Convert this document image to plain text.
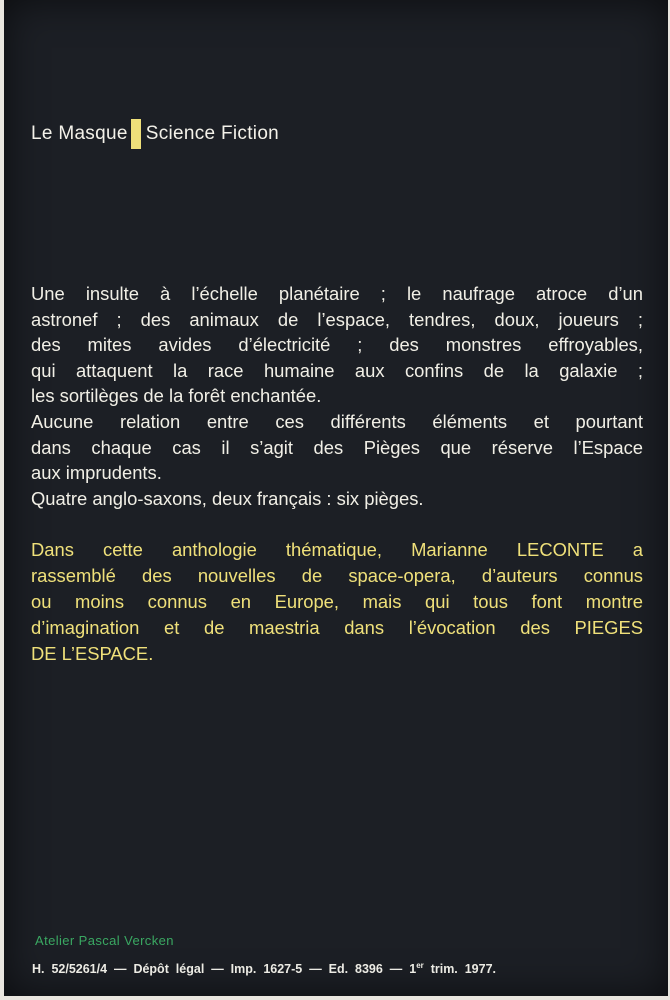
Le Masque Science Fiction
Une insulte à l’échelle planétaire ; le naufrage atroce d’un
astronef ; des animaux de l’espace, tendres, doux, joueurs ;
des mites avides d’électricité ; des monstres effroyables,
qui attaquent la race humaine aux confins de la galaxie ;
les sortilèges de la forêt enchantée.
Aucune relation entre ces différents éléments et pourtant
dans chaque cas il s’agit des Pièges que réserve l’Espace
aux imprudents.
Quatre anglo-saxons, deux français : six pièges.
Dans cette anthologie thématique, Marianne LECONTE a
rassemblé des nouvelles de space-opera, d’auteurs connus
ou moins connus en Europe, mais qui tous font montre
d’imagination et de maestria dans l’évocation des PIEGES
DE L’ESPACE.
Atelier Pascal Vercken
H.  52/5261/4  —  Dépôt  légal  —  Imp.  1627-5  —  Ed.  8396  —  1er  trim.  1977.
